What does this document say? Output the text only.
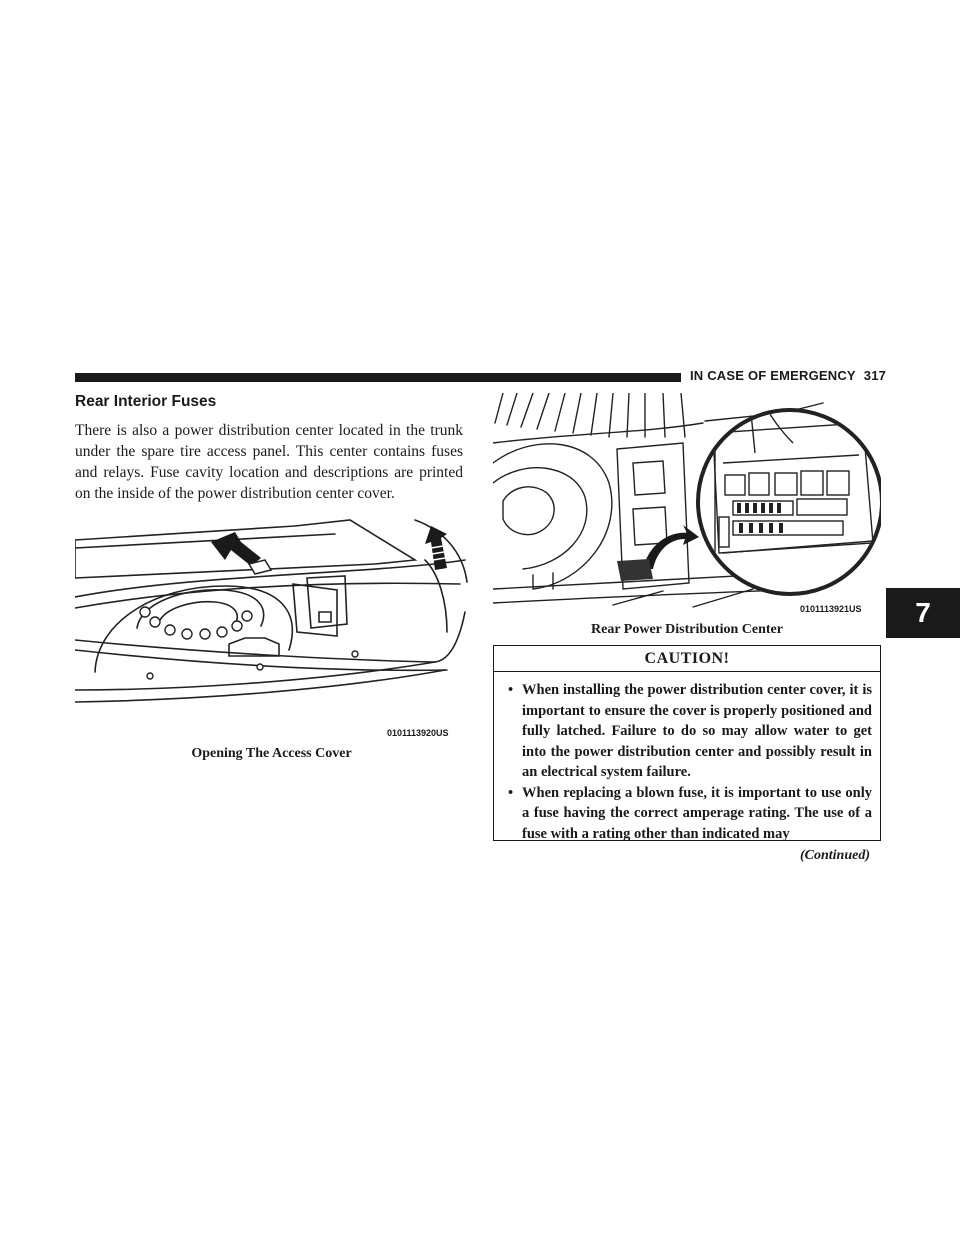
IN CASE OF EMERGENCY 317
7
Rear Interior Fuses
There is also a power distribution center located in the trunk under the spare tire access panel. This center contains fuses and relays. Fuse cavity location and descriptions are printed on the inside of the power distribution center cover.
0101113920US
Opening The Access Cover
0101113921US
Rear Power Distribution Center
CAUTION!
• When installing the power distribution center cover, it is important to ensure the cover is properly positioned and fully latched. Failure to do so may allow water to get into the power distribution center and possibly result in an electrical system failure.
• When replacing a blown fuse, it is important to use only a fuse having the correct amperage rating. The use of a fuse with a rating other than indicated may
(Continued)
